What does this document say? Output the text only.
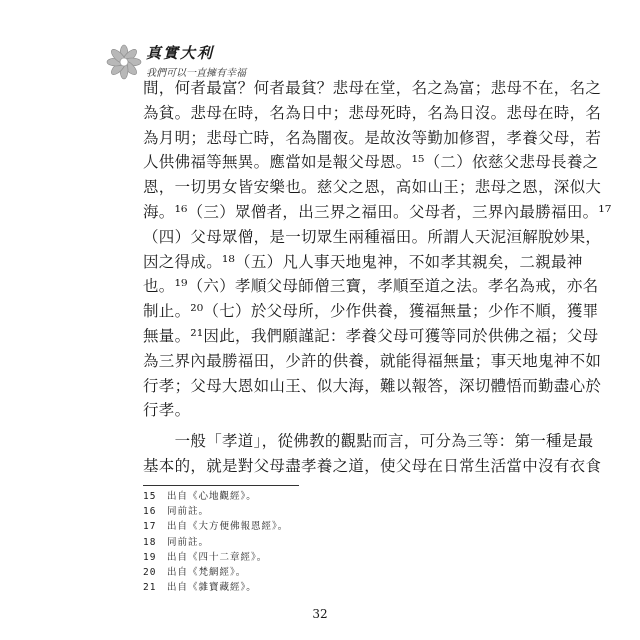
真實大利
我們可以一直擁有幸福
間，何者最富？何者最貧？悲母在堂，名之為富；悲母不在，名之
為貧。悲母在時，名為日中；悲母死時，名為日沒。悲母在時，名
為月明；悲母亡時，名為闇夜。是故汝等勤加修習，孝養父母，若
人供佛福等無異。應當如是報父母恩。¹⁵（二）依慈父悲母長養之
恩，一切男女皆安樂也。慈父之恩，高如山王；悲母之恩，深似大
海。¹⁶（三）眾僧者，出三界之福田。父母者，三界內最勝福田。¹⁷
（四）父母眾僧，是一切眾生兩種福田。所謂人天泥洹解脫妙果，
因之得成。¹⁸（五）凡人事天地鬼神，不如孝其親矣，二親最神
也。¹⁹（六）孝順父母師僧三寶，孝順至道之法。孝名為戒，亦名
制止。²⁰（七）於父母所，少作供養，獲福無量；少作不順，獲罪
無量。²¹因此，我們願謹記：孝養父母可獲等同於供佛之福；父母
為三界內最勝福田，少許的供養，就能得福無量；事天地鬼神不如
行孝；父母大恩如山王、似大海，難以報答，深切體悟而勤盡心於
行孝。
　　一般「孝道」，從佛教的觀點而言，可分為三等：第一種是最
基本的，就是對父母盡孝養之道，使父母在日常生活當中沒有衣食
15 出自《心地觀經》。
16 同前註。
17 出自《大方便佛報恩經》。
18 同前註。
19 出自《四十二章經》。
20 出自《梵網經》。
21 出自《雜寶藏經》。
32
